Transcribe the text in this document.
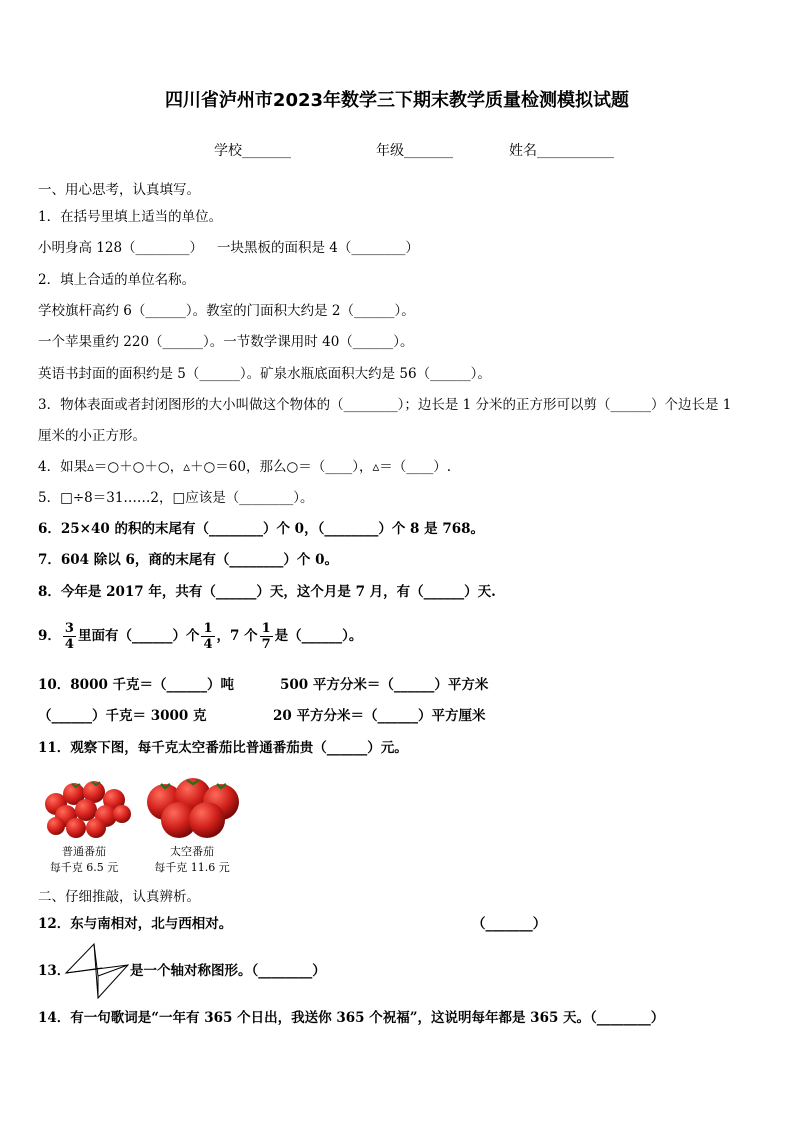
四川省泸州市2023年数学三下期末教学质量检测模拟试题
学校_______	年级_______	姓名___________
一、用心思考，认真填写。
1．在括号里填上适当的单位。
小明身高 128（________） 一块黑板的面积是 4（________）
2．填上合适的单位名称。
学校旗杆高约 6（______）。教室的门面积大约是 2（______）。
一个苹果重约 220（______）。一节数学课用时 40（______）。
英语书封面的面积约是 5（______）。矿泉水瓶底面积大约是 56（______）。
3．物体表面或者封闭图形的大小叫做这个物体的（________）；边长是 1 分米的正方形可以剪（______）个边长是 1
厘米的小正方形。
4．如果▵＝○＋○＋○，▵＋○＝60，那么○＝（____），▵＝（____）.
5．□÷8＝31……2，□应该是（________）。
6．25×40 的积的末尾有（________）个 0，（________）个 8 是 768。
7．604 除以 6，商的末尾有（________）个 0。
8．今年是 2017 年，共有（______）天，这个月是 7 月，有（______）天.
9． $\frac{3}{4}$ 里面有（______）个 $\frac{1}{4}$ ，7 个 $\frac{1}{7}$ 是（______）。
10．8000 千克＝（______）吨	500 平方分米＝（______）平方米
（______）千克＝ 3000 克	20 平方分米＝（______）平方厘米
11．观察下图，每千克太空番茄比普通番茄贵（______）元。
普通番茄
每千克 6.5 元
太空番茄
每千克 11.6 元
二、仔细推敲，认真辨析。
12．东与南相对，北与西相对。	（_______）
13．	是一个轴对称图形。（________）
14．有一句歌词是“一年有 365 个日出，我送你 365 个祝福”，这说明每年都是 365 天。（________）
